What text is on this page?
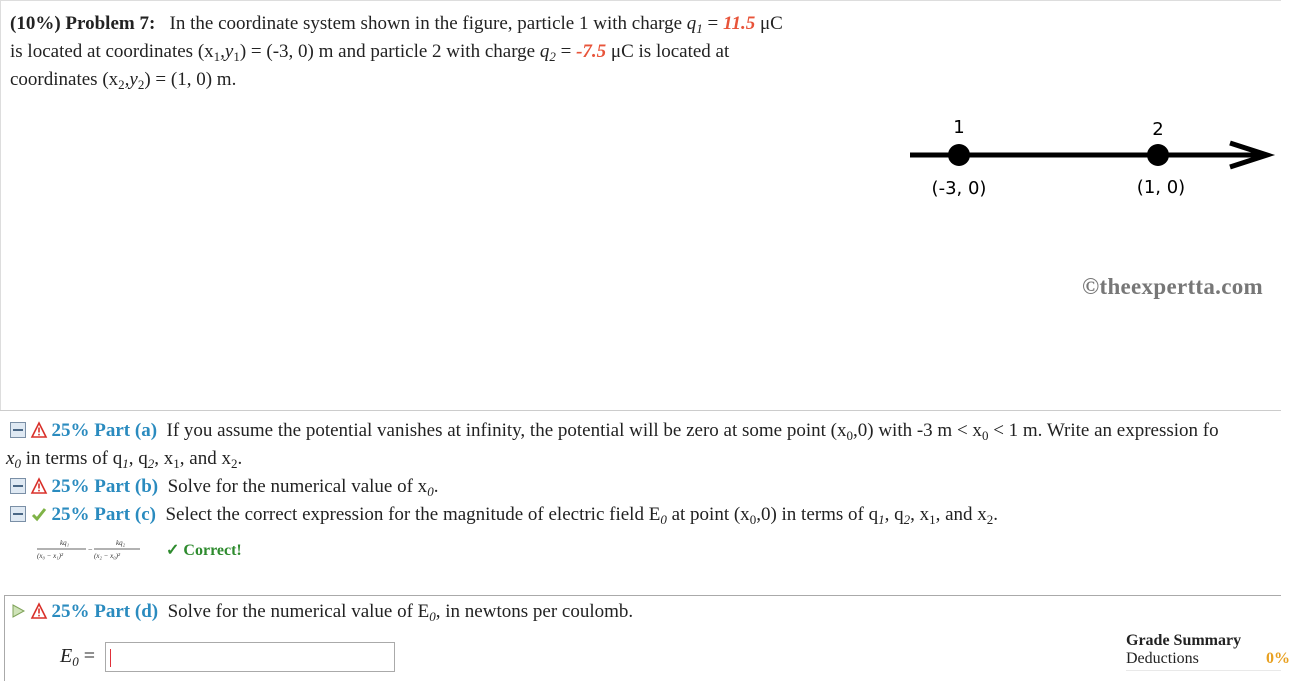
(10%) Problem 7: In the coordinate system shown in the figure, particle 1 with charge $q_1 = 11.5$ μC
is located at coordinates $(x_1,y_1) = (-3$, 0) m and particle 2 with charge $q_2 = -7.5$ μC is located at
coordinates $(x_2,y_2) = (1$, 0) m.
1	2
(-3, 0)	(1, 0)
©theexpertta.com
25% Part (a) If you assume the potential vanishes at infinity, the potential will be zero at some point $(x_0,0)$ with -3 $m < x_0 < 1$ m. Write an expression fo
$x_0$ in terms of $q_1$, $q_2$, $x_1$, and $x_2$.
25% Part (b) Solve for the numerical value of $x_0$.
25% Part (c) Select the correct expression for the magnitude of electric field $E_0$ at point $(x_0,0)$ in terms of $q_1$, $q_2$, $x_1$, and $x_2$.
kq₁
(x₀ − x₁)²
−
kq₂
(x₂ − x₀)²	✓ Correct!
25% Part (d) Solve for the numerical value of $E_0$, in newtons per coulomb.
$E_0$ =
Grade Summary
Deductions	0%
